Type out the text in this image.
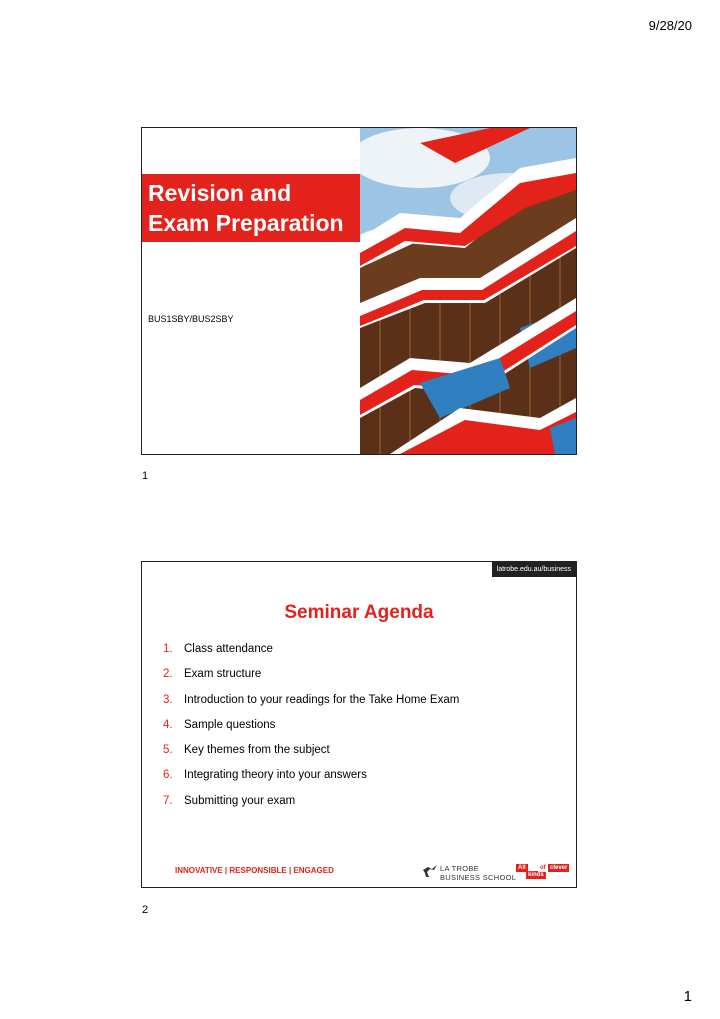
9/28/20
Revision and
Exam Preparation
BUS1SBY/BUS2SBY
1
latrobe.edu.au/business
Seminar Agenda
1. Class attendance
2. Exam structure
3. Introduction to your readings for the Take Home Exam
4. Sample questions
5. Key themes from the subject
6. Integrating theory into your answers
7. Submitting your exam
INNOVATIVE | RESPONSIBLE | ENGAGED	LA TROBE
BUSINESS SCHOOL
All
kinds
of clever
2
1
